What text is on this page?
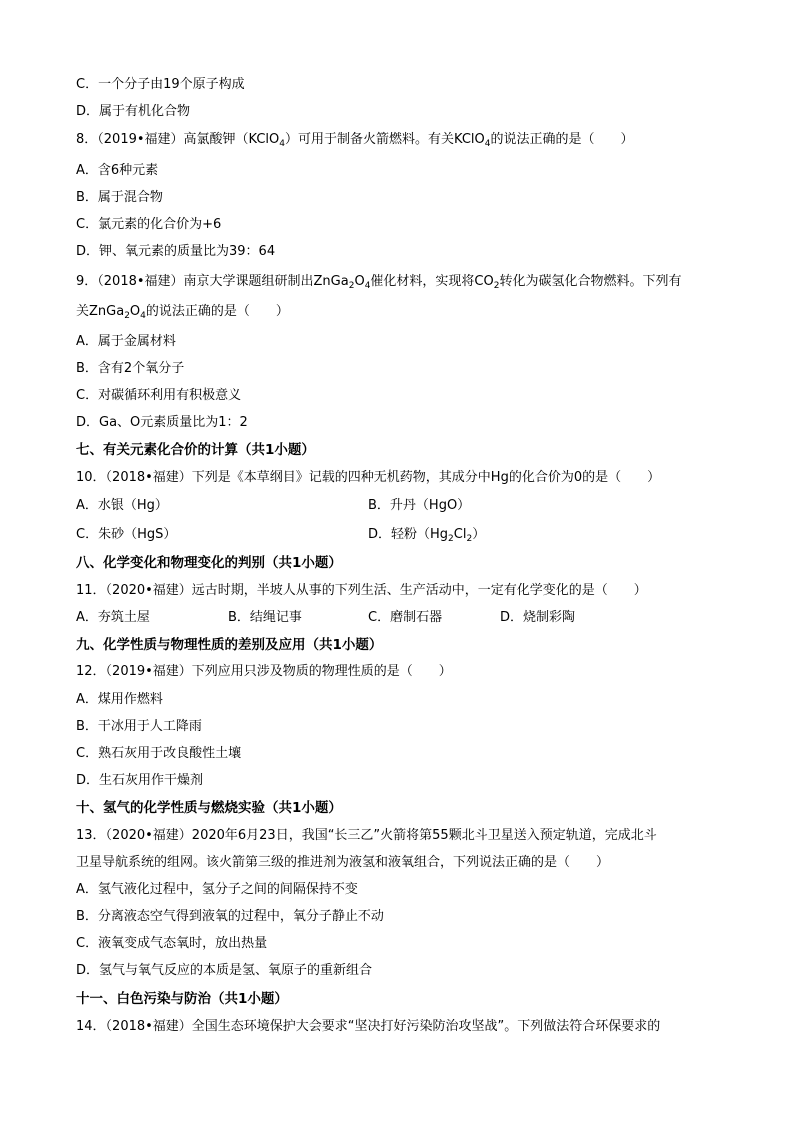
C．一个分子由19个原子构成
D．属于有机化合物
8．（2019•福建）高氯酸钾（KClO$_4$）可用于制备火箭燃料。有关KClO$_4$的说法正确的是（　　）
A．含6种元素
B．属于混合物
C．氯元素的化合价为+6
D．钾、氧元素的质量比为39：64
9．（2018•福建）南京大学课题组研制出$ZnGa_2O_4$催化材料，实现将$CO_2$转化为碳氢化合物燃料。下列有
关$ZnGa_2O_4$的说法正确的是（　　）
A．属于金属材料
B．含有2个氧分子
C．对碳循环利用有积极意义
D．Ga、O元素质量比为1：2
七、有关元素化合价的计算（共1小题）
10．（2018•福建）下列是《本草纲目》记载的四种无机药物，其成分中Hg的化合价为0的是（　　）
A．水银（Hg）	B．升丹（HgO）
C．朱砂（HgS）	D．轻粉$(Hg_2Cl_2)$
八、化学变化和物理变化的判别（共1小题）
11．（2020•福建）远古时期，半坡人从事的下列生活、生产活动中，一定有化学变化的是（　　）
A．夯筑土屋	B．结绳记事	C．磨制石器	D．烧制彩陶
九、化学性质与物理性质的差别及应用（共1小题）
12．（2019•福建）下列应用只涉及物质的物理性质的是（　　）
A．煤用作燃料
B．干冰用于人工降雨
C．熟石灰用于改良酸性土壤
D．生石灰用作干燥剂
十、氢气的化学性质与燃烧实验（共1小题）
13．（2020•福建）2020年6月23日，我国“长三乙”火箭将第55颗北斗卫星送入预定轨道，完成北斗
卫星导航系统的组网。该火箭第三级的推进剂为液氢和液氧组合，下列说法正确的是（　　）
A．氢气液化过程中，氢分子之间的间隔保持不变
B．分离液态空气得到液氧的过程中，氧分子静止不动
C．液氧变成气态氧时，放出热量
D．氢气与氧气反应的本质是氢、氧原子的重新组合
十一、白色污染与防治（共1小题）
14．（2018•福建）全国生态环境保护大会要求“坚决打好污染防治攻坚战”。下列做法符合环保要求的
